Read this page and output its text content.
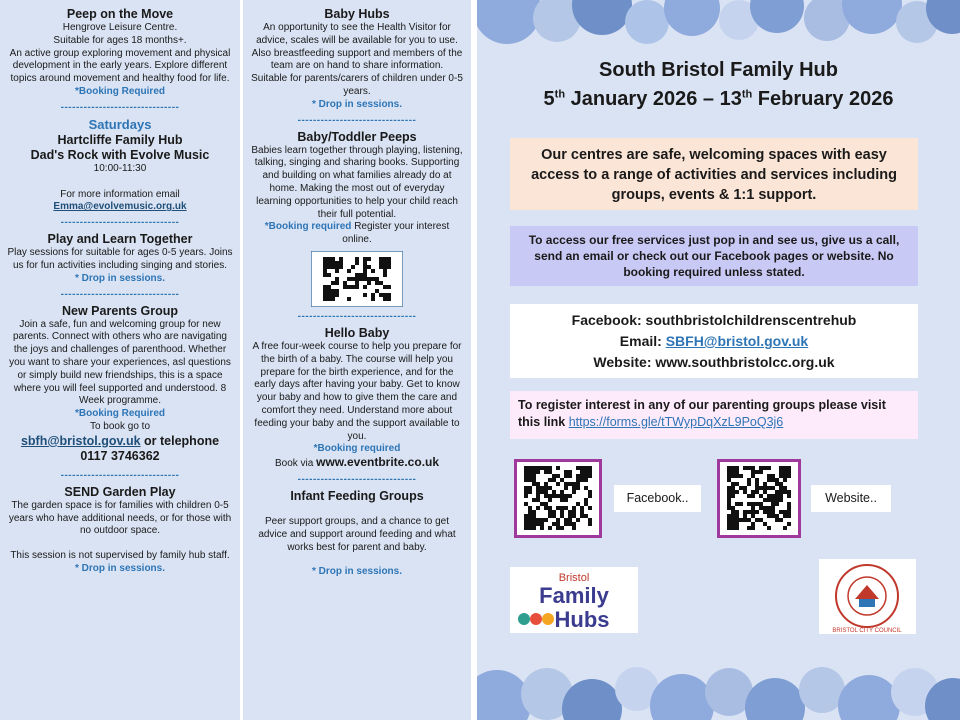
Peep on the Move
Hengrove Leisure Centre.
Suitable for ages 18 months+.
An active group exploring movement and physical development in the early years. Explore different topics around movement and healthy food for life.
*Booking Required
-------------------------------
Saturdays
Hartcliffe Family Hub
Dad's Rock with Evolve Music
10:00-11:30
For more information email
Emma@evolvemusic.org.uk
-------------------------------
Play and Learn Together
Play sessions for suitable for ages 0-5 years. Joins us for fun activities including singing and stories.
* Drop in sessions.
-------------------------------
New Parents Group
Join a safe, fun and welcoming group for new parents. Connect with others who are navigating the joys and challenges of parenthood. Whether you want to share your experiences, asl questions or simply build new friendships, this is a space where you will feel supported and understood. 8 Week programme.
*Booking Required
To book go to
sbfh@bristol.gov.uk or telephone
0117 3746362
-------------------------------
SEND Garden Play
The garden space is for families with children 0-5 years who have additional needs, or for those with no outdoor space.
This session is not supervised by family hub staff.
* Drop in sessions.
Baby Hubs
An opportunity to see the Health Visitor for advice, scales will be available for you to use. Also breastfeeding support and members of the team are on hand to share information.
Suitable for parents/carers of children under 0-5 years.
* Drop in sessions.
-------------------------------
Baby/Toddler Peeps
Babies learn together through playing, listening, talking, singing and sharing books. Supporting and building on what families already do at home. Making the most out of everyday learning opportunities to help your child reach their full potential.
*Booking required Register your interest online.
-------------------------------
Hello Baby
A free four-week course to help you prepare for the birth of a baby. The course will help you prepare for the birth experience, and for the early days after having your baby. Get to know your baby and how to give them the care and comfort they need. Understand more about feeding your baby and the support available to you.
*Booking required
Book via www.eventbrite.co.uk
-------------------------------
Infant Feeding Groups
Peer support groups, and a chance to get advice and support around feeding and what works best for parent and baby.
* Drop in sessions.
South Bristol Family Hub
5th January 2026 – 13th February 2026
Our centres are safe, welcoming spaces with easy access to a range of activities and services including groups, events & 1:1 support.
To access our free services just pop in and see us, give us a call, send an email or check out our Facebook pages or website. No booking required unless stated.
Facebook: southbristolchildrenscentrehub
Email: SBFH@bristol.gov.uk
Website: www.southbristolcc.org.uk
To register interest in any of our parenting groups please visit this link https://forms.gle/tTWypDqXzL9PoQ3j6
Facebook..	Website..
Bristol
Family
Hubs	BRISTOL CITY COUNCIL
